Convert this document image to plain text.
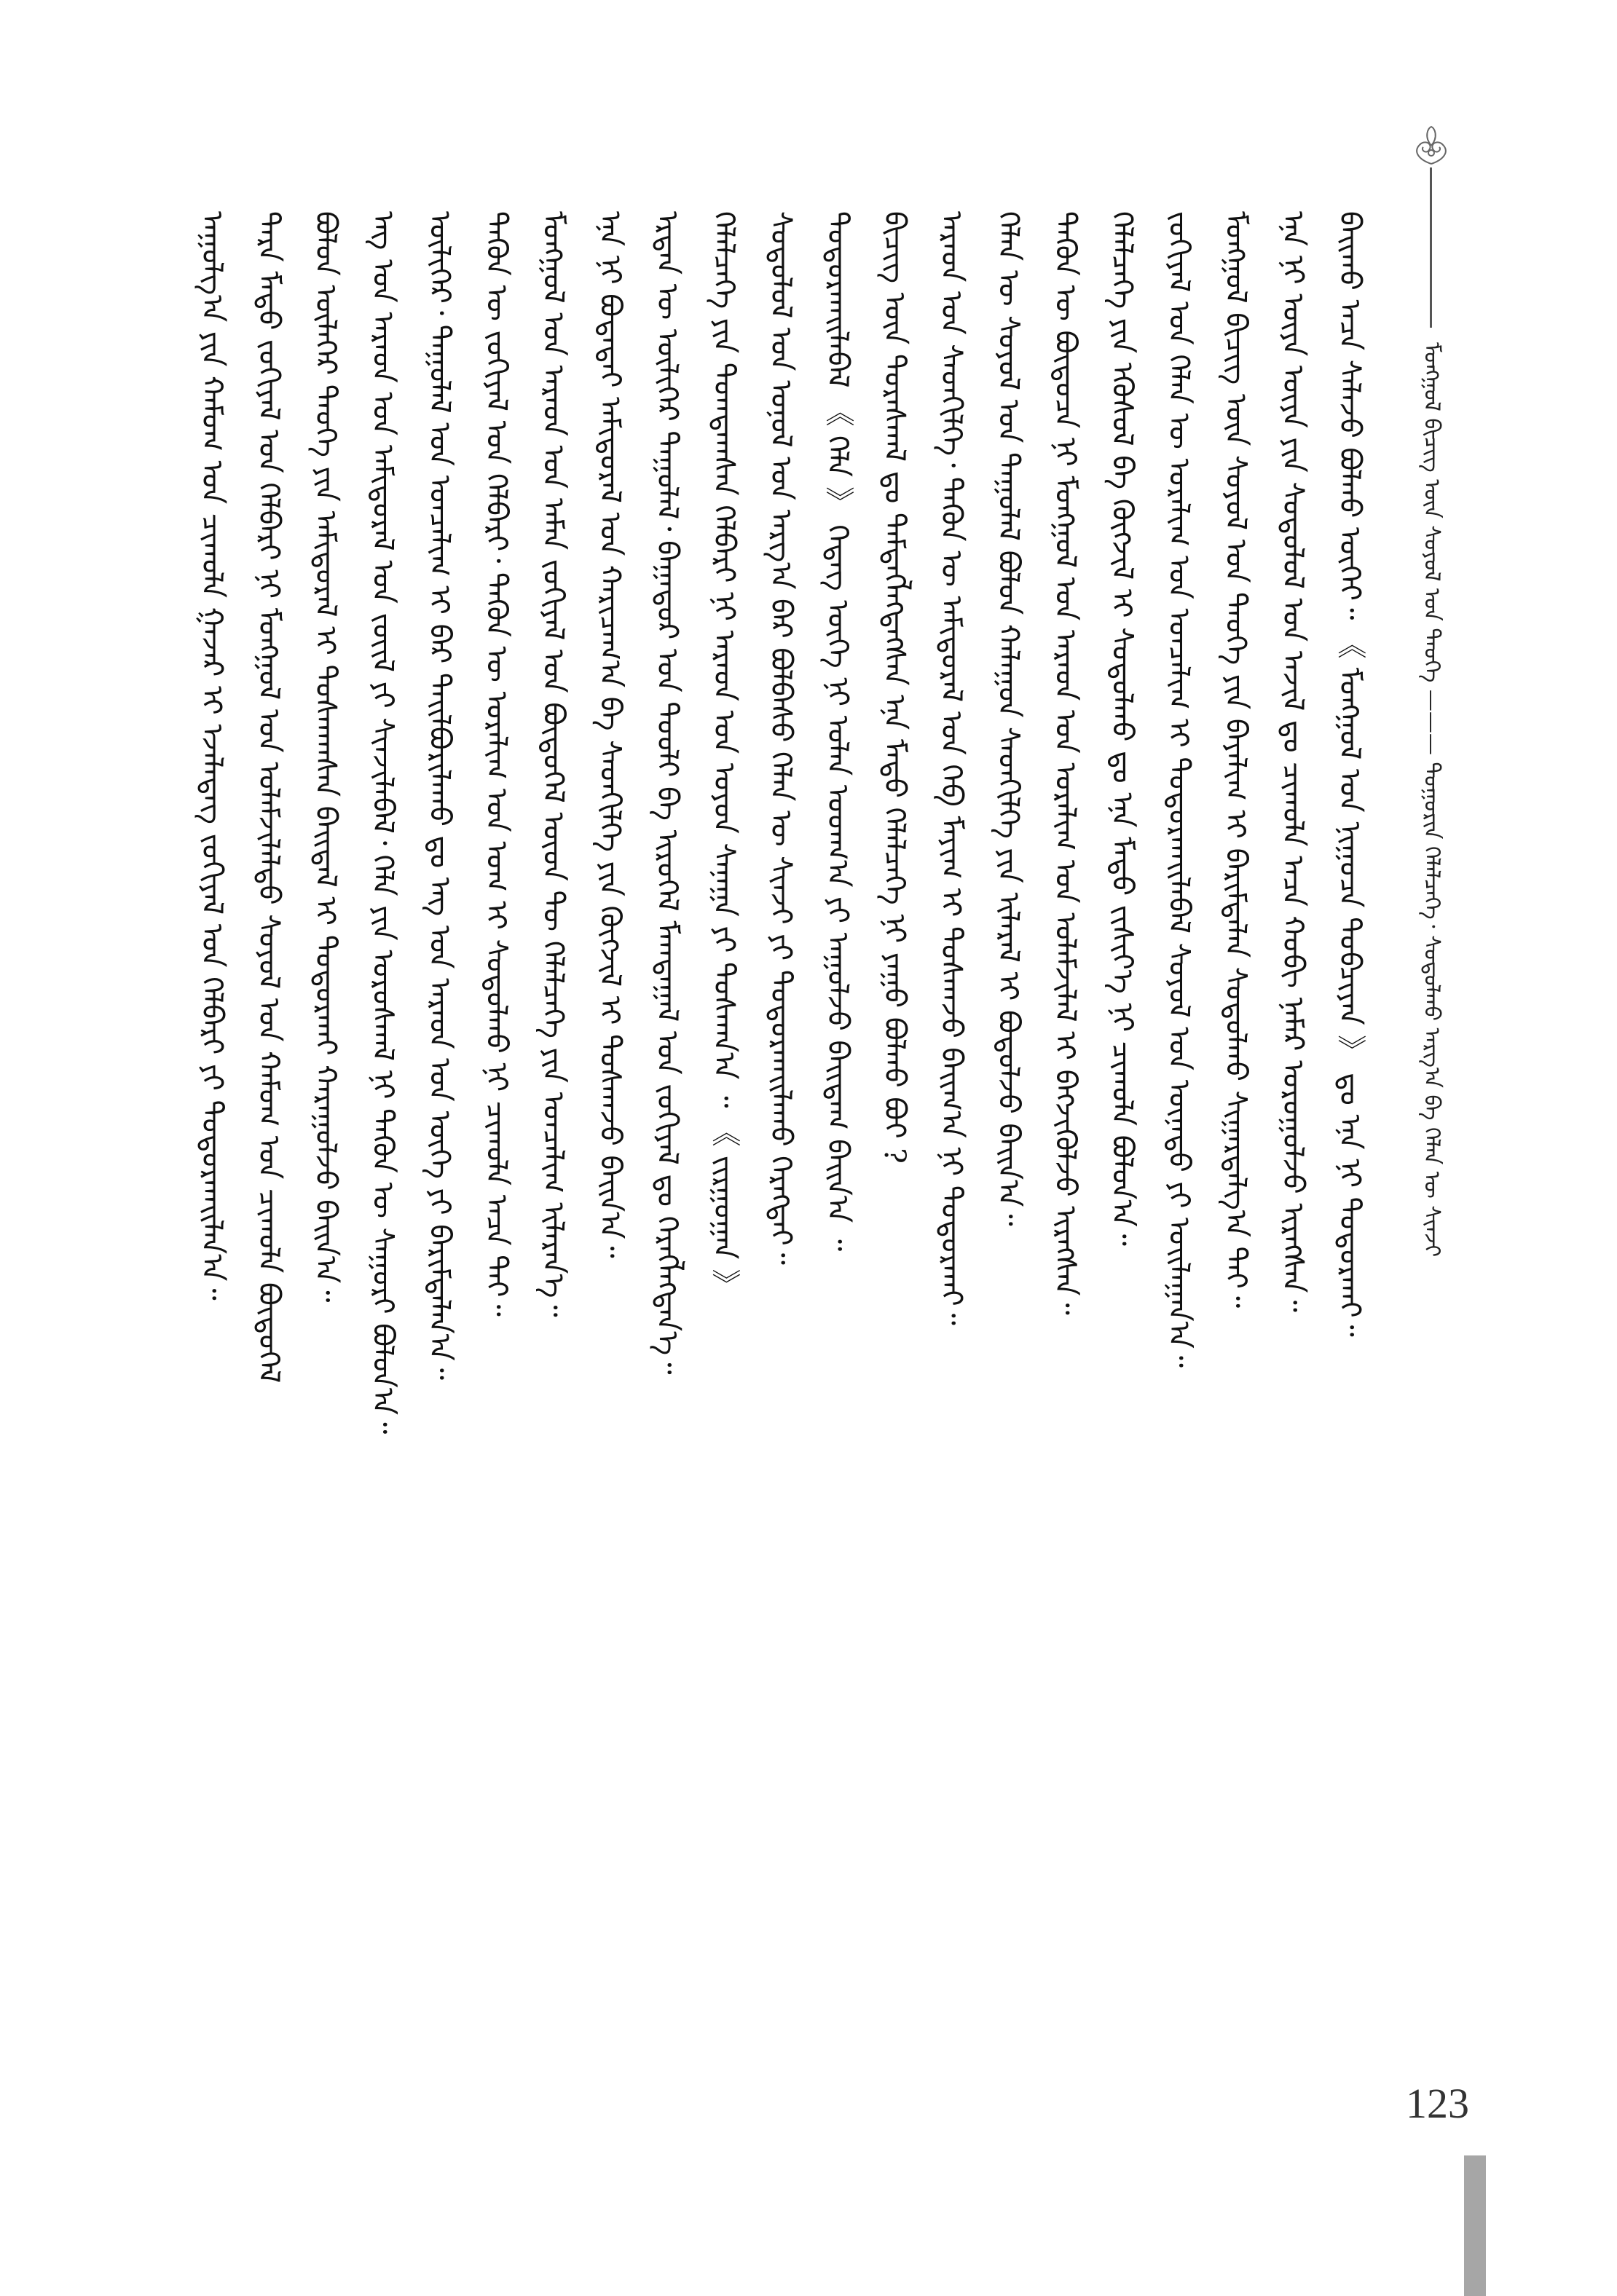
ᠮᠣᠩᠭᠣᠯ ᠪᠢᠴᠢᠭ᠌ ᠦᠨ ᠰᠣᠶᠣᠯ ᠤᠨ ᠲᠡᠦᠬᠡ ——— ᠲᠤᠭᠤᠷᠢᠨ ᠬᠡᠯᠡᠯᠴᠡᠭᠡ᠂ ᠰᠤᠳᠤᠯᠬᠤ ᠠᠷᠭ᠎ᠠ ᠪᠠ ᠬᠡᠯᠡᠨ ᠦ ᠰᠢᠨᠵᠢ
ᠠᠭᠤᠯᠭ᠎ᠠ ᠶᠢᠨ ᠬᠠᠮᠤᠭ ᠤᠨ ᠴᠢᠬᠤᠯᠠ ᠭᠠᠵᠠᠷ ᠢ ᠡᠵᠡᠯᠡᠳᠡᠭ ᠵᠣᠬᠢᠶᠠᠯ ᠤᠨ ᠬᠡᠯᠪᠡᠷᠢ ᠶᠢ ᠲᠣᠳᠣᠷᠬᠠᠢᠯᠠᠨ᠎ᠠ᠃ ᠲᠡᠷᠡ ᠮᠡᠲᠦ ᠵᠣᠬᠢᠶᠠᠯ ᠤᠨ ᠬᠡᠯᠪᠡᠷᠢ ᠨᠢ ᠮᠣᠩᠭᠣᠯ ᠤᠨ ᠤᠯᠠᠮᠵᠢᠯᠠᠯᠲᠤ ᠰᠣᠶᠣᠯ ᠤᠨ ᠬᠠᠮᠤᠭ ᠤᠨ ᠴᠢᠬᠤᠯᠠ ᠪᠦᠲᠦᠭᠡᠯ ᠪᠣᠯᠤᠨ ᠦᠯᠡᠭᠡᠷ ᠲᠡᠦᠬᠡ ᠶᠢᠨ ᠠᠮᠢᠳᠤᠷᠠᠯ ᠢ ᠲᠤᠰᠬᠠᠭᠰᠠᠨ ᠪᠠᠢᠳᠠᠯ ᠢ ᠲᠣᠳᠣᠷᠬᠠᠢ ᠬᠠᠷᠠᠭᠤᠯᠵᠤ ᠪᠠᠢᠨ᠎ᠠ᠃ ᠡᠩ ᠤᠨ ᠠᠷᠠᠳ ᠤᠨ ᠠᠮᠢᠳᠤᠷᠠᠯ ᠤᠨ ᠵᠦᠢᠯ ᠶᠢ ᠰᠢᠨᠵᠢᠯᠡᠪᠡᠯ᠂ ᠬᠡᠯᠡ ᠶᠢᠨ ᠤᠷᠤᠰᠬᠠᠯ ᠨᠢ ᠲᠡᠭᠦᠨ ᠦ ᠰᠠᠭᠤᠷᠢ ᠪᠣᠯᠤᠨ᠎ᠠ᠃ ᠦᠯᠢᠭᠡᠷ᠂ ᠳᠠᠭᠤᠯᠠᠯ ᠤᠨ ᠣᠨᠴᠠᠯᠢᠭ ᠢ ᠪᠡᠷ ᠲᠠᠢᠯᠪᠤᠷᠢᠯᠠᠬᠤ ᠳᠤ ᠡᠩ ᠤᠨ ᠠᠷᠠᠳ ᠤᠨ ᠦᠭᠡ ᠶᠢ ᠪᠠᠷᠢᠮᠲᠠᠯᠠᠨ᠎ᠠ᠃ ᠲᠡᠭᠦᠨ ᠦ ᠵᠣᠬᠢᠶᠠᠯ ᠤᠨ ᠬᠡᠯᠪᠡᠷᠢ᠂ ᠲᠡᠭᠦᠨ ᠦ ᠤᠷᠠᠯᠢᠭ ᠤᠨ ᠤᠭ ᠢ ᠰᠤᠳᠤᠯᠬᠤ ᠨᠢ ᠴᠢᠬᠤᠯᠠ ᠠᠴᠠ ᠲᠠᠢ᠃ ᠮᠣᠩᠭᠣᠯ ᠤᠨ ᠠᠷᠠᠳ ᠤᠨ ᠠᠮᠠᠨ ᠵᠣᠬᠢᠶᠠᠯ ᠤᠨ ᠪᠦᠲᠦᠭᠡᠯ ᠦᠳ ᠲᠦ ᠬᠡᠯᠡᠯᠴᠡᠭᠡ ᠶᠢᠨ ᠣᠨᠴᠠᠯᠢᠭ ᠢᠯᠡᠷᠡᠨ᠎ᠡ᠃ ᠡᠨᠡ ᠨᠢ ᠪᠣᠳᠠᠳᠠᠢ ᠠᠮᠢᠳᠤᠷᠠᠯ ᠤᠨ ᠬᠠᠷᠢᠴᠠᠭ᠎ᠠ ᠪᠠ ᠰᠡᠳᠬᠢᠯᠭᠡ ᠶᠢᠨ ᠬᠥᠭᠵᠢᠯ ᠢ ᠲᠤᠰᠬᠠᠵᠤ ᠪᠠᠢᠨ᠎ᠠ᠃ ᠡᠷᠲᠡᠨ ᠦ ᠦᠯᠢᠭᠡᠷ ᠲᠠᠭᠤᠯᠠᠯ᠂ ᠪᠠᠭᠠᠲᠤᠷ ᠤᠨ ᠲᠤᠤᠯᠢ ᠪᠠ ᠢᠷᠦᠭᠡᠯ ᠮᠠᠭᠲᠠᠭᠠᠯ ᠤᠨ ᠵᠣᠬᠢᠶᠠᠯ ᠳᠤ ᠬᠡᠷᠡᠭᠯᠡᠭᠳᠡᠨ᠎ᠡ᠃ ᠬᠡᠯᠡᠯᠴᠡᠭᠡ ᠶᠢᠨ ᠲᠣᠭᠲᠠᠭᠰᠠᠨ ᠬᠡᠯᠪᠡᠷᠢ ᠨᠢ ᠠᠷᠠᠳ ᠤᠨ ᠤᠶᠤᠨ ᠰᠠᠨᠠᠭᠠ ᠶᠢ ᠲᠤᠰᠬᠠᠨ᠎ᠠ ᠃ 《 ᠵᠢᠷᠭᠤᠭᠠᠨ 》 ᠰᠤᠳᠤᠯᠤᠯ ᠤᠨ ᠣᠨᠣᠯ ᠤᠨ ᠠᠷᠭ᠎ᠠ ᠪᠠᠷ ᠪᠣᠯᠪᠠᠰᠤ ᠬᠡᠯᠡᠨ ᠦ ᠰᠢᠨᠵᠢ ᠶᠢ ᠲᠣᠳᠣᠷᠬᠠᠢᠯᠠᠬᠤ ᠬᠡᠷᠡᠭᠲᠡᠢ᠃ ᠲᠣᠳᠣᠷᠬᠠᠢᠯᠠᠪᠠᠯ 《 ᠬᠡᠯᠡ 》 ᠭᠡᠳᠡᠭ ᠦᠭᠡ ᠨᠢ ᠣᠯᠠᠨ ᠤᠳᠬ᠎ᠠ ᠶᠢ ᠠᠭᠤᠯᠵᠤ ᠪᠠᠢᠳᠠᠭ ᠪᠠᠢᠨ᠎ᠠ ᠃ ᠪᠢᠴᠢᠭ᠌ ᠦᠨ ᠳᠤᠷᠠᠰᠬᠠᠯ ᠳᠤ ᠲᠡᠮᠳᠡᠭᠯᠡᠭᠳᠡᠭᠰᠡᠨ ᠡᠨᠡ ᠮᠡᠲᠦ ᠬᠡᠯᠡᠯᠴᠡᠭᠡ ᠨᠢ ᠶᠠᠭᠤ ᠪᠣᠯᠬᠤ ᠪᠤᠢ ? ᠠᠷᠠᠳ ᠤᠨ ᠰᠡᠳᠬᠢᠯᠭᠡ᠂ ᠲᠡᠭᠦᠨ ᠦ ᠠᠮᠢᠳᠤᠷᠠᠯ ᠤᠨ ᠬᠡᠪ ᠮᠠᠶᠢᠭ ᠢ ᠲᠤᠰᠬᠠᠵᠤ ᠪᠠᠢᠭ᠎ᠠ ᠨᠢ ᠲᠣᠳᠣᠷᠬᠠᠢ᠃ ᠬᠡᠯᠡᠨ ᠦ ᠰᠣᠶᠣᠯ ᠤᠨ ᠳᠠᠭᠤᠯᠠᠯ ᠪᠣᠯᠤᠨ ᠬᠠᠯᠠᠭᠤᠨ ᠰᠡᠳᠬᠢᠯᠭᠡ ᠶᠢᠨ ᠢᠯᠡᠷᠡᠯ ᠢ ᠪᠣᠳᠤᠯᠵᠤ ᠪᠠᠢᠨ᠎ᠠ᠃ ᠲᠡᠭᠦᠨ ᠦ ᠪᠦᠲᠦᠴᠡ ᠨᠢ ᠮᠣᠩᠭᠣᠯ ᠤᠨ ᠠᠷᠠᠳ ᠤᠨ ᠤᠷᠠᠯᠢᠭ ᠤᠨ ᠤᠯᠠᠮᠵᠢᠯᠠᠯ ᠢ ᠪᠡᠬᠵᠢᠭᠦᠯᠵᠦ ᠢᠷᠡᠭᠰᠡᠨ᠃ ᠬᠡᠯᠡᠯᠴᠡᠭᠡ ᠶᠢᠨ ᠡᠭᠦᠰᠦᠯ ᠪᠠ ᠬᠥᠭᠵᠢᠯ ᠢ ᠰᠤᠳᠤᠯᠬᠤ ᠳᠤ ᠡᠨᠡ ᠮᠡᠲᠦ ᠵᠢᠱᠢᠶ᠎ᠡ ᠨᠢ ᠴᠢᠬᠤᠯᠠ ᠪᠣᠯᠤᠨ᠎ᠠ᠃ ᠵᠣᠬᠢᠶᠠᠯ ᠤᠨ ᠬᠡᠯᠡᠨ ᠦ ᠤᠷᠠᠯᠢᠭ ᠤᠨ ᠣᠨᠴᠠᠯᠢᠭ ᠢ ᠲᠣᠳᠣᠷᠬᠠᠢᠯᠠᠪᠠᠯ ᠰᠣᠶᠣᠯ ᠤᠨ ᠦᠨᠡᠲᠦ ᠶᠢ ᠣᠢᠯᠠᠭᠠᠨ᠎ᠠ᠃ ᠮᠣᠩᠭᠣᠯ ᠪᠢᠴᠢᠭ᠌ ᠦᠨ ᠰᠣᠶᠣᠯ ᠤᠨ ᠲᠡᠦᠬᠡ ᠶᠢᠨ ᠪᠠᠶᠠᠯᠢᠭ ᠢ ᠪᠠᠷᠢᠮᠲᠠᠯᠠᠨ ᠰᠤᠳᠤᠯᠬᠤ ᠰᠢᠭᠠᠷᠳᠠᠯᠭ᠎ᠠ ᠲᠠᠢ᠃ ᠡᠨᠡ ᠨᠢ ᠦᠶᠡ ᠦᠶᠡ ᠶᠢᠨ ᠰᠤᠳᠤᠯᠤᠯ ᠤᠨ ᠠᠵᠢᠯ ᠳᠤ ᠴᠢᠬᠤᠯᠠ ᠠᠴᠠ ᠬᠤᠪᠢ ᠨᠡᠮᠡᠷ ᠣᠷᠤᠭᠤᠯᠵᠤ ᠢᠷᠡᠭᠰᠡᠨ᠃ ᠪᠠᠢᠬᠤ ᠠᠴᠠ ᠰᠠᠯᠠᠵᠤ ᠪᠣᠯᠬᠤ ᠦᠭᠡᠢ᠃ 《 ᠮᠣᠩᠭᠣᠯ ᠤᠨ ᠨᠢᠭᠤᠴᠠ ᠲᠣᠪᠴᠢᠶᠠᠨ 》 ᠳᠤ ᠡᠨᠡ ᠨᠢ ᠲᠣᠳᠣᠷᠬᠠᠢ᠃
123
